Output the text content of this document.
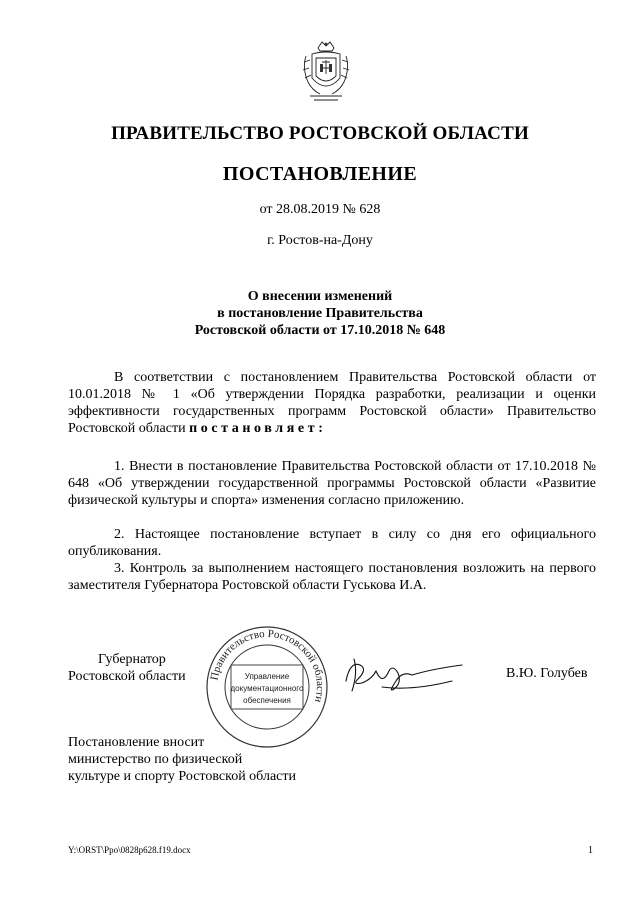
ПРАВИТЕЛЬСТВО РОСТОВСКОЙ ОБЛАСТИ
ПОСТАНОВЛЕНИЕ
от 28.08.2019 № 628
г. Ростов-на-Дону
О внесении изменений
в постановление Правительства
Ростовской области от 17.10.2018 № 648
В соответствии с постановлением Правительства Ростовской области от 10.01.2018 № 1 «Об утверждении Порядка разработки, реализации и оценки эффективности государственных программ Ростовской области» Правительство Ростовской области постановляет:
1. Внести в постановление Правительства Ростовской области от 17.10.2018 № 648 «Об утверждении государственной программы Ростовской области «Развитие физической культуры и спорта» изменения согласно приложению.
2. Настоящее постановление вступает в силу со дня его официального опубликования.
3. Контроль за выполнением настоящего постановления возложить на первого заместителя Губернатора Ростовской области Гуськова И.А.
Губернатор
Ростовской области Правительство Ростовской области
Управление
документационного
обеспечения
В.Ю. Голубев
Постановление вносит
министерство по физической
культуре и спорту Ростовской области
Y:\ORST\Ppo\0828p628.f19.docx	1
